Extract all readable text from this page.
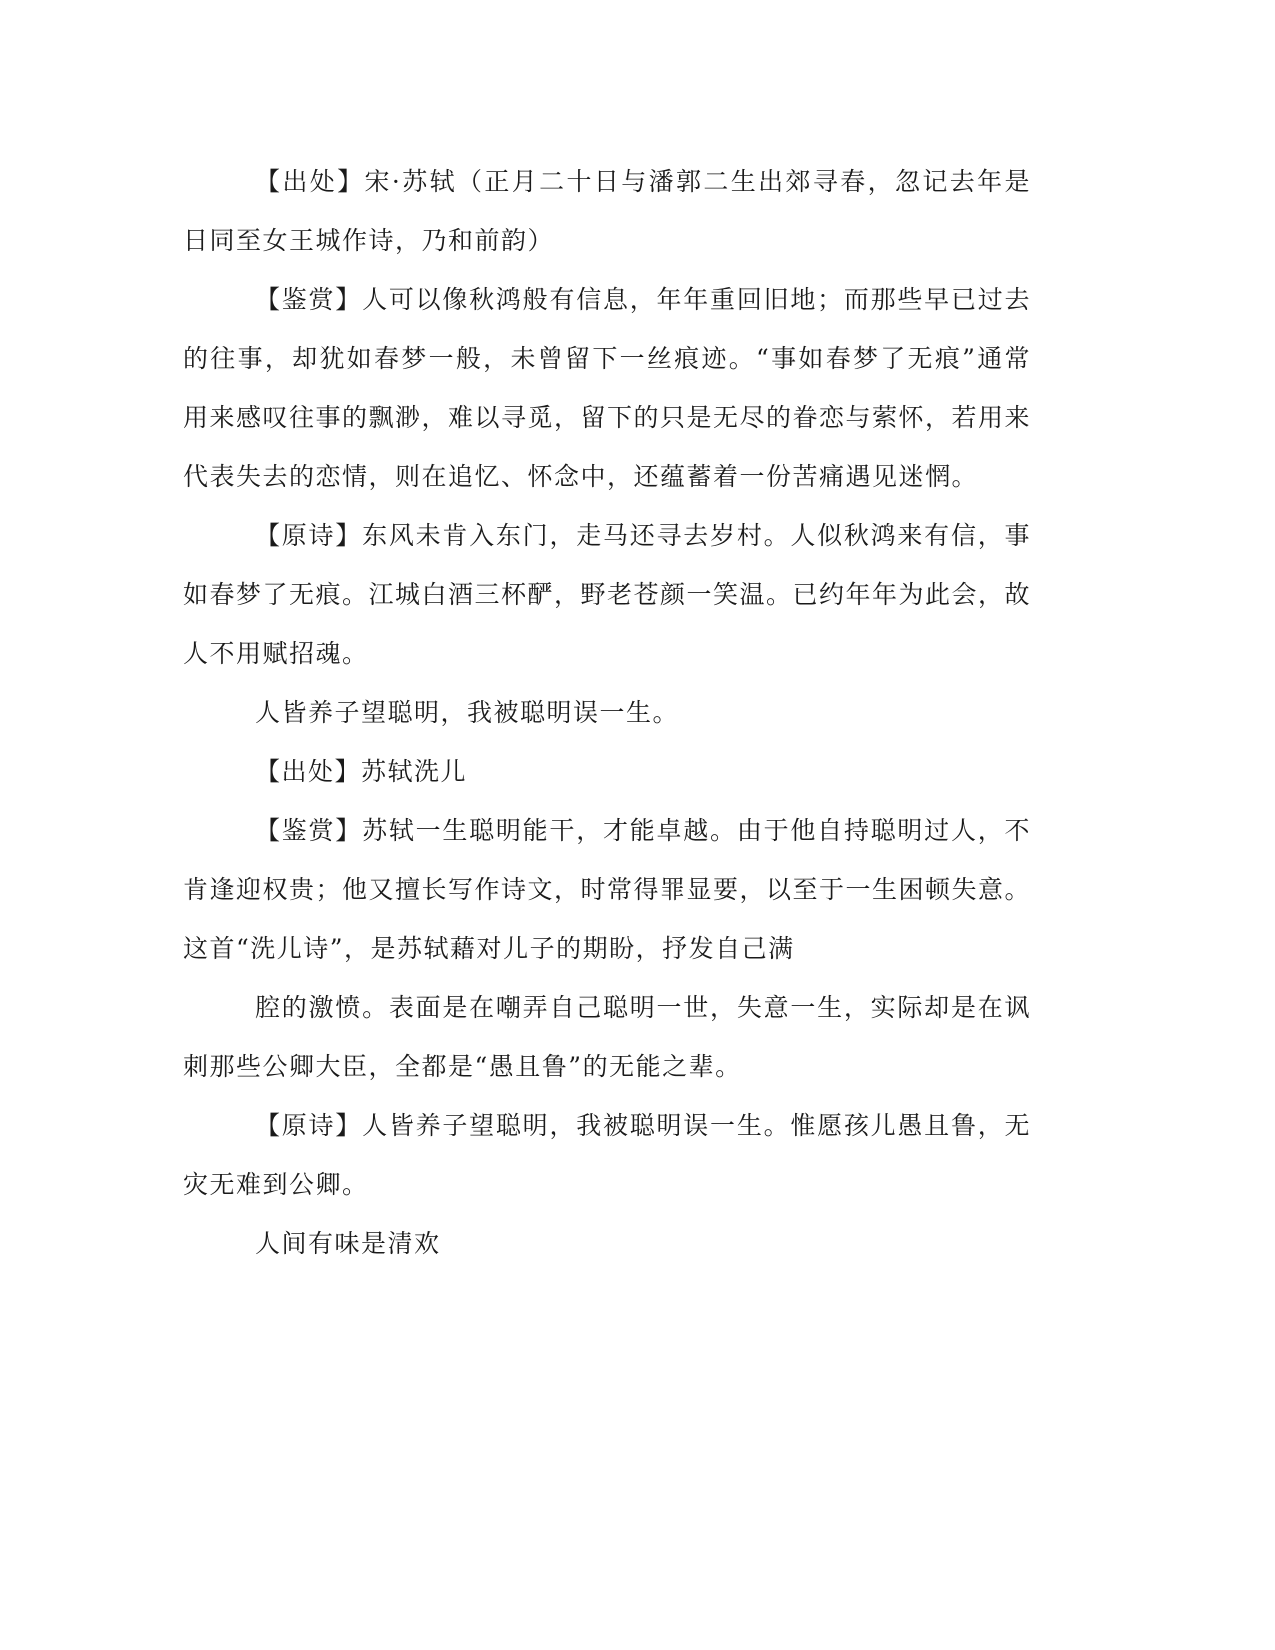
【出处】宋·苏轼（正月二十日与潘郭二生出郊寻春，忽记去年是日同至女王城作诗，乃和前韵）

【鉴赏】人可以像秋鸿般有信息，年年重回旧地；而那些早已过去的往事，却犹如春梦一般，未曾留下一丝痕迹。“事如春梦了无痕”通常用来感叹往事的飘渺，难以寻觅，留下的只是无尽的眷恋与萦怀，若用来代表失去的恋情，则在追忆、怀念中，还蕴蓄着一份苦痛遇见迷惘。

【原诗】东风未肯入东门，走马还寻去岁村。人似秋鸿来有信，事如春梦了无痕。江城白酒三杯酽，野老苍颜一笑温。已约年年为此会，故人不用赋招魂。

人皆养子望聪明，我被聪明误一生。

【出处】苏轼洗儿

【鉴赏】苏轼一生聪明能干，才能卓越。由于他自持聪明过人，不肯逢迎权贵；他又擅长写作诗文，时常得罪显要，以至于一生困顿失意。这首“洗儿诗”，是苏轼藉对儿子的期盼，抒发自己满

腔的激愤。表面是在嘲弄自己聪明一世，失意一生，实际却是在讽刺那些公卿大臣，全都是“愚且鲁”的无能之辈。

【原诗】人皆养子望聪明，我被聪明误一生。惟愿孩儿愚且鲁，无灾无难到公卿。

人间有味是清欢
